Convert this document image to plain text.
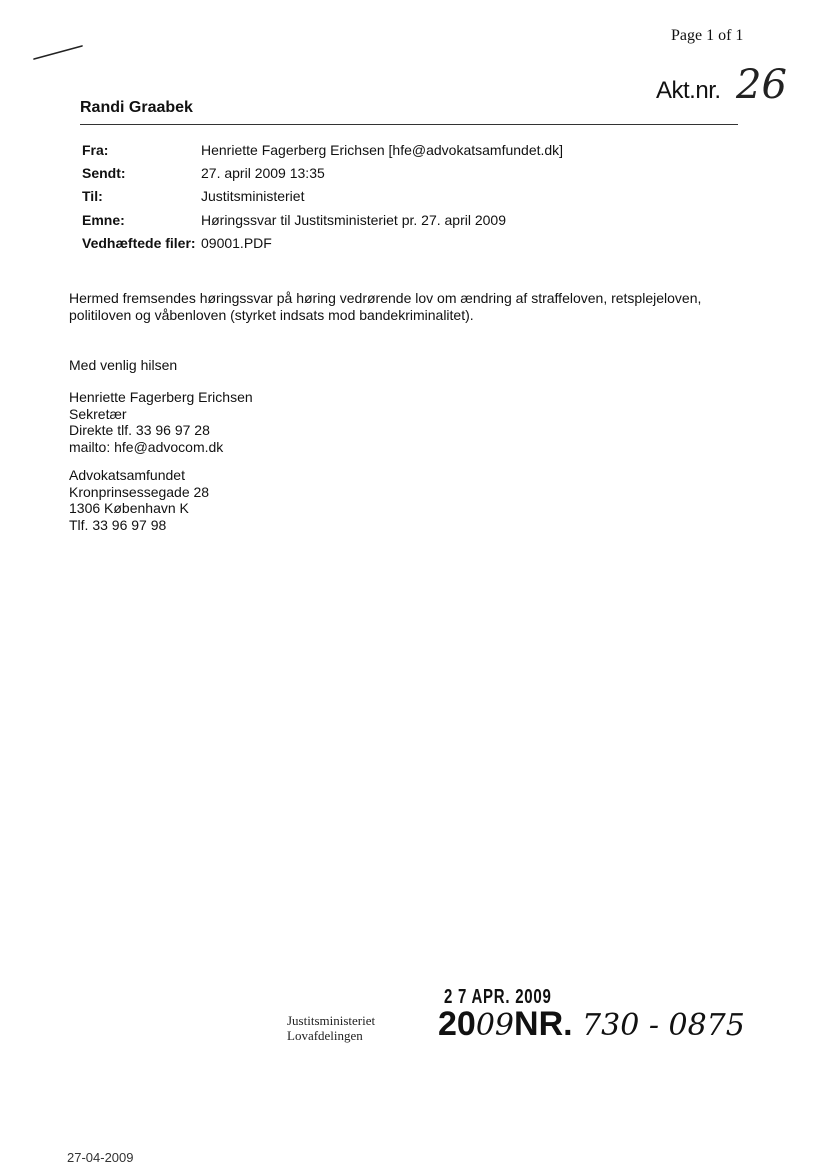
Page 1 of 1
Akt.nr. 26
Randi Graabek
Fra:	Henriette Fagerberg Erichsen [hfe@advokatsamfundet.dk]
Sendt:	27. april 2009 13:35
Til:	Justitsministeriet
Emne:	Høringssvar til Justitsministeriet pr. 27. april 2009
Vedhæftede filer: 09001.PDF
Hermed fremsendes høringssvar på høring vedrørende lov om ændring af straffeloven, retsplejeloven,
politiloven og våbenloven (styrket indsats mod bandekriminalitet).
Med venlig hilsen
Henriette Fagerberg Erichsen
Sekretær
Direkte tlf. 33 96 97 28
mailto: hfe@advocom.dk
Advokatsamfundet
Kronprinsessegade 28
1306 København K
Tlf. 33 96 97 98
Justitsministeriet
Lovafdelingen
2 7 APR. 2009
2009NR. 730 - 0875
27-04-2009
